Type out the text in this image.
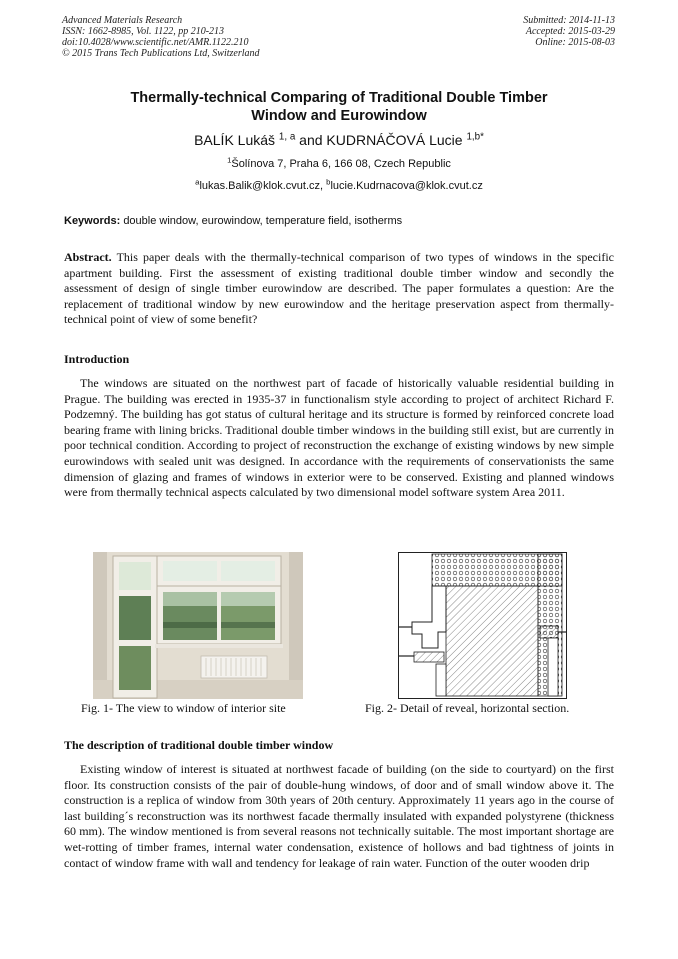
Advanced Materials Research
ISSN: 1662-8985, Vol. 1122, pp 210-213
doi:10.4028/www.scientific.net/AMR.1122.210
© 2015 Trans Tech Publications Ltd, Switzerland
Submitted: 2014-11-13
Accepted: 2015-03-29
Online: 2015-08-03
Thermally-technical Comparing of Traditional Double Timber
Window and Eurowindow
BALÍK Lukáš $^{1, a}$ and KUDRNÁČOVÁ Lucie $^{1,b*}$
$^1$Šolínova 7, Praha 6, 166 08, Czech Republic
$^a$lukas.Balik@klok.cvut.cz, $^b$lucie.Kudrnacova@klok.cvut.cz
Keywords: double window, eurowindow, temperature field, isotherms
Abstract. This paper deals with the thermally-technical comparison of two types of windows in the specific apartment building. First the assessment of existing traditional double timber window and secondly the assessment of design of single timber eurowindow are described. The paper formulates a question: Are the replacement of traditional window by new eurowindow and the heritage preservation aspect from thermally-technical point of view of some benefit?
Introduction
The windows are situated on the northwest part of facade of historically valuable residential building in Prague. The building was erected in 1935-37 in functionalism style according to project of architect Richard F. Podzemný. The building has got status of cultural heritage and its structure is formed by reinforced concrete load bearing frame with lining bricks. Traditional double timber windows in the building still exist, but are currently in poor technical condition. According to project of reconstruction the exchange of existing windows by new simple eurowindows with sealed unit was designed. In accordance with the requirements of conservationists the same dimension of glazing and frames of windows in exterior were to be conserved. Existing and planned windows were from thermally technical aspects calculated by two dimensional model software system Area 2011.
Fig. 1- The view to window of interior site	Fig. 2- Detail of reveal, horizontal section.
The description of traditional double timber window
Existing window of interest is situated at northwest facade of building (on the side to courtyard) on the first floor. Its construction consists of the pair of double-hung windows, of door and of small window above it. The construction is a replica of window from 30th years of 20th century. Approximately 11 years ago in the course of last building´s reconstruction was its northwest facade thermally insulated with expanded polystyrene (thickness 60 mm). The window mentioned is from several reasons not technically suitable. The most important shortage are wet-rotting of timber frames, internal water condensation, existence of hollows and bad tightness of joints in contact of window frame with wall and tendency for leakage of rain water. Function of the outer wooden drip
